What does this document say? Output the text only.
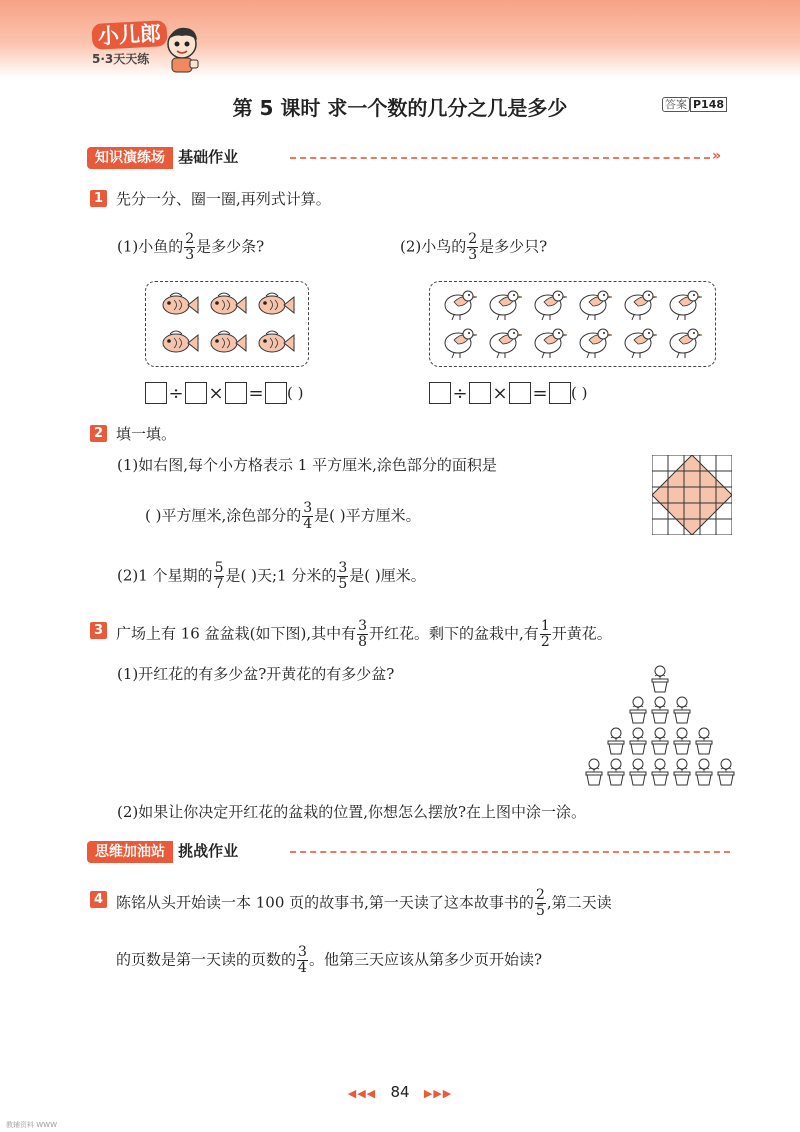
小儿郎
5·3天天练
第 5 课时 求一个数的几分之几是多少	答案 P148
知识演练场 基础作业	»
1 先分一分、圈一圈,再列式计算。
(1)小鱼的 $\frac{2}{3}$ 是多少条?	(2)小鸟的 $\frac{2}{3}$ 是多少只?
÷ × = ( )	÷ × = ( )
2 填一填。
(1)如右图,每个小方格表示 1 平方厘米,涂色部分的面积是
( )平方厘米,涂色部分的 $\frac{3}{4}$ 是( )平方厘米。
(2)1 个星期的 $\frac{5}{7}$ 是( )天;1 分米的 $\frac{3}{5}$ 是( )厘米。
3 广场上有 16 盆盆栽(如下图),其中有 $\frac{3}{8}$ 开红花。剩下的盆栽中,有 $\frac{1}{2}$ 开黄花。
(1)开红花的有多少盆?开黄花的有多少盆?
(2)如果让你决定开红花的盆栽的位置,你想怎么摆放?在上图中涂一涂。
思维加油站 挑战作业
4 陈铭从头开始读一本 100 页的故事书,第一天读了这本故事书的 $\frac{2}{5}$ ,第二天读
的页数是第一天读的页数的 $\frac{3}{4}$ 。他第三天应该从第多少页开始读?
◀◀◀ 84 ▶▶▶
教辅资料 WWW
